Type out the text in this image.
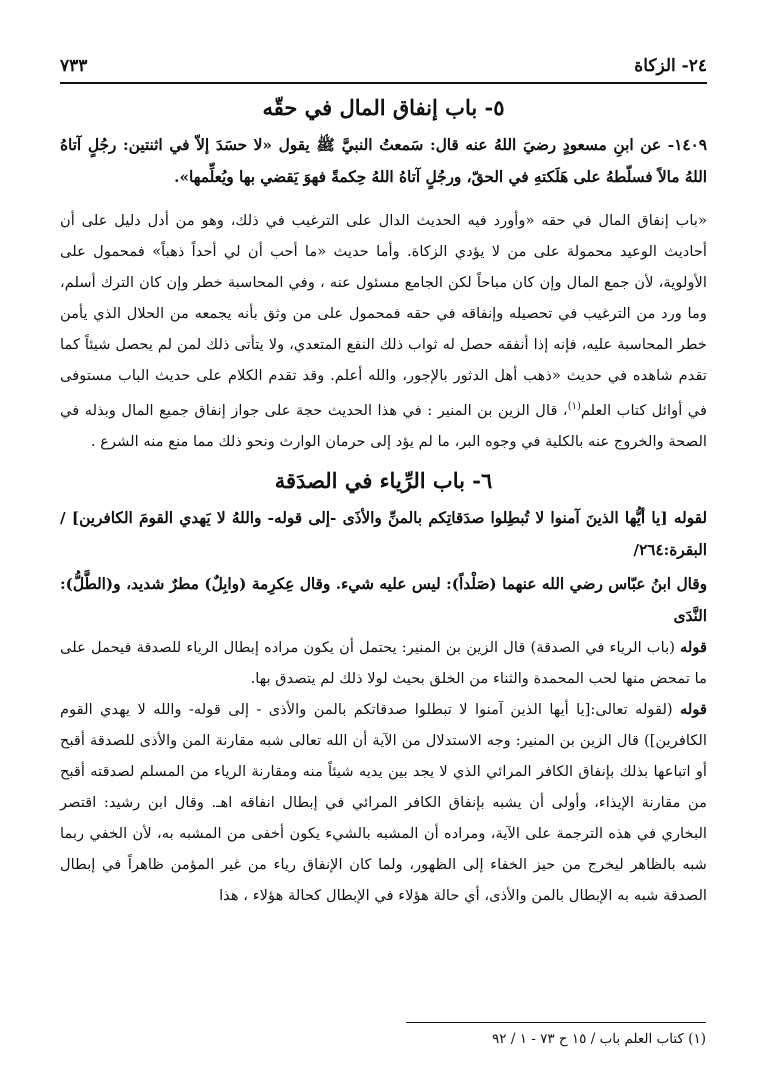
٢٤- الزكاة
٧٣٣
٥- باب إنفاق المال في حقّه

١٤٠٩- عن ابنِ مسعودٍ رضيَ اللهُ عنه قال: سَمعتُ النبيَّ ﷺ يقول «لا حسَدَ إلاّ في اثنتين: رجُلٍ آتاهُ اللهُ مالاً فسلّطهُ على هَلَكتهِ في الحقّ، ورجُلٍ آتاهُ اللهُ حِكمةً فهوَ يَقضي بها ويُعلِّمها».

«باب إنفاق المال في حقه «وأورد فيه الحديث الدال على الترغيب في ذلك، وهو من أدل دليل على أن أحاديث الوعيد محمولة على من لا يؤدي الزكاة. وأما حديث «ما أحب أن لي أحداً ذهباً» فمحمول على الأولوية، لأن جمع المال وإن كان مباحاً لكن الجامع مسئول عنه ، وفي المحاسبة خطر وإن كان الترك أسلم، وما ورد من الترغيب في تحصيله وإنفاقه في حقه فمحمول على من وثق بأنه يجمعه من الحلال الذي يأمن خطر المحاسبة عليه، فإنه إذا أنفقه حصل له ثواب ذلك النفع المتعدي، ولا يتأتى ذلك لمن لم يحصل شيئاً كما تقدم شاهده في حديث «ذهب أهل الدثور بالإجور، والله أعلم. وقد تقدم الكلام على حديث الباب مستوفى في أوائل كتاب العلم$^{(١)}$، قال الزين بن المنير : في هذا الحديث حجة على جواز إنفاق جميع المال وبذله في الصحة والخروج عنه بالكلية في وجوه البر، ما لم يؤد إلى حرمان الوارث ونحو ذلك مما منع منه الشرع .

٦- باب الرِّياء في الصدَقة

لقوله [يا أيُّها الذينَ آمنوا لا تُبطِلوا صدَقاتِكم بالمنِّ والأذَى -إلى قوله- واللهُ لا يَهدي القومَ الكافرين] /البقرة:٢٦٤/

وقال ابنُ عبّاس رضي الله عنهما (صَلْداً): ليس عليه شيء. وقال عِكرِمة (وابِلٌ) مطرٌ شديد، و(الطَّلُّ): النَّدَى

قوله (باب الرياء في الصدقة) قال الزين بن المنير: يحتمل أن يكون مراده إبطال الرياء للصدقة فيحمل على ما تمحض منها لحب المحمدة والثناء من الخلق بحيث لولا ذلك لم يتصدق بها.

قوله (لقوله تعالى:[يا أيها الذين آمنوا لا تبطلوا صدقاتكم بالمن والأذى - إلى قوله- والله لا يهدي القوم الكافرين]) قال الزين بن المنير: وجه الاستدلال من الآية أن الله تعالى شبه مقارنة المن والأذى للصدقة أقبح أو اتباعها بذلك بإنفاق الكافر المرائي الذي لا يجد بين يديه شيئاً منه ومقارنة الرياء من المسلم لصدقته أقبح من مقارنة الإيذاء، وأولى أن يشبه بإنفاق الكافر المرائي في إبطال انفاقه اهـ. وقال ابن رشيد: اقتصر البخاري في هذه الترجمة على الآية، ومراده أن المشبه بالشيء يكون أخفى من المشبه به، لأن الخفي ربما شبه بالظاهر ليخرج من حيز الخفاء إلى الظهور، ولما كان الإنفاق رياء من غير المؤمن ظاهراً في إبطال الصدقة شبه به الإبطال بالمن والأذى، أي حالة هؤلاء في الإبطال كحالة هؤلاء ، هذا

(١) كتاب العلم باب / ١٥ ح ٧٣ - ١ / ٩٢
